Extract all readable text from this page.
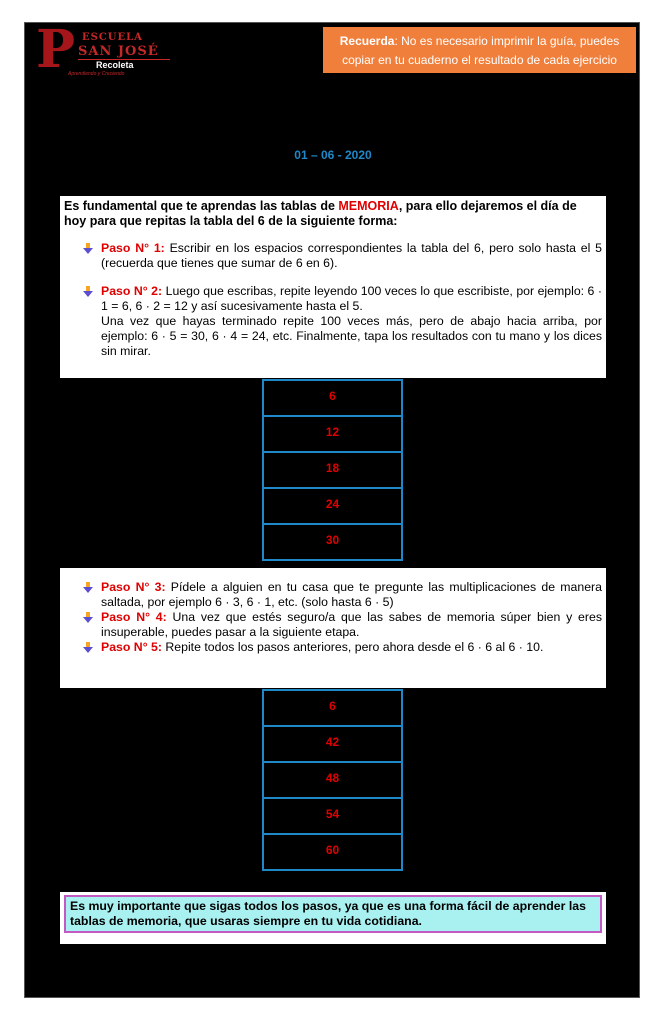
P ESCUELA
SAN JOSÉ
Recoleta
Aprendiendo y Creciendo
Recuerda: No es necesario imprimir la guía, puedes copiar en tu cuaderno el resultado de cada ejercicio
01 – 06 - 2020
Es fundamental que te aprendas las tablas de MEMORIA, para ello dejaremos el día de hoy para que repitas la tabla del 6 de la siguiente forma:
Paso N° 1: Escribir en los espacios correspondientes la tabla del 6, pero solo hasta el 5 (recuerda que tienes que sumar de 6 en 6).
Paso N° 2: Luego que escribas, repite leyendo 100 veces lo que escribiste, por ejemplo: 6 · 1 = 6, 6 · 2 = 12 y así sucesivamente hasta el 5.
Una vez que hayas terminado repite 100 veces más, pero de abajo hacia arriba, por ejemplo: 6 · 5 = 30, 6 · 4 = 24, etc. Finalmente, tapa los resultados con tu mano y los dices sin mirar.
6
12
18
24
30
Paso N° 3: Pídele a alguien en tu casa que te pregunte las multiplicaciones de manera saltada, por ejemplo 6 · 3, 6 · 1, etc. (solo hasta 6 · 5)
Paso N° 4: Una vez que estés seguro/a que las sabes de memoria súper bien y eres insuperable, puedes pasar a la siguiente etapa.
Paso N° 5: Repite todos los pasos anteriores, pero ahora desde el 6 · 6 al 6 · 10.
6
42
48
54
60
Es muy importante que sigas todos los pasos, ya que es una forma fácil de aprender las tablas de memoria, que usaras siempre en tu vida cotidiana.
